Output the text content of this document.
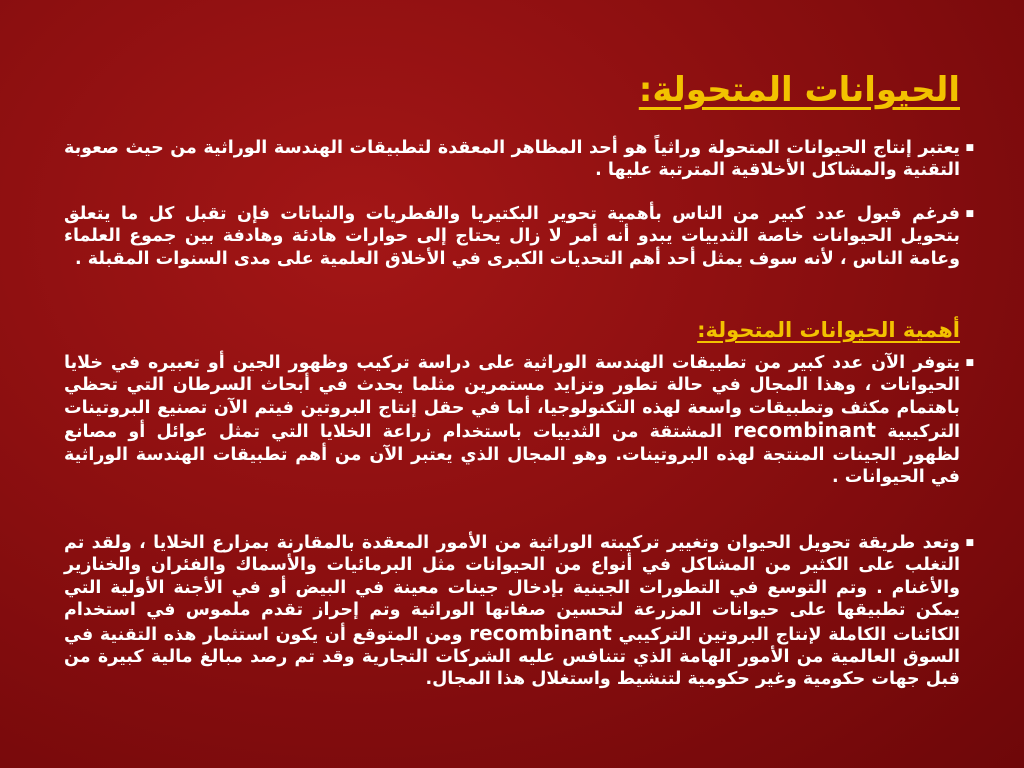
الحيوانات المتحولة:
■

يعتبر إنتاج الحيوانات المتحولة وراثياً هو أحد المظاهر المعقدة لتطبيقات الهندسة الوراثية من حيث صعوبة التقنية والمشاكل الأخلاقية المترتبة عليها .

■

فرغم قبول عدد كبير من الناس بأهمية تحوير البكتيريا والفطريات والنباتات فإن تقبل كل ما يتعلق بتحويل الحيوانات خاصة الثدييات يبدو أنه أمر لا زال يحتاج إلى حوارات هادئة وهادفة بين جموع العلماء وعامة الناس ، لأنه سوف يمثل أحد أهم التحديات الكبرى في الأخلاق العلمية على مدى السنوات المقبلة .

أهمية الحيوانات المتحولة:
■

يتوفر الآن عدد كبير من تطبيقات الهندسة الوراثية على دراسة تركيب وظهور الجين أو تعبيره في خلايا الحيوانات ، وهذا المجال في حالة تطور وتزايد مستمرين مثلما يحدث في أبحاث السرطان التي تحظي باهتمام مكثف وتطبيقات واسعة لهذه التكنولوجيا، أما في حقل إنتاج البروتين فيتم الآن تصنيع البروتينات التركيبية recombinant المشتقة من الثدييات باستخدام زراعة الخلايا التي تمثل عوائل أو مصانع لظهور الجينات المنتجة لهذه البروتينات. وهو المجال الذي يعتبر الآن من أهم تطبيقات الهندسة الوراثية في الحيوانات .

■

وتعد طريقة تحويل الحيوان وتغيير تركيبته الوراثية من الأمور المعقدة بالمقارنة بمزارع الخلايا ، ولقد تم التغلب على الكثير من المشاكل في أنواع من الحيوانات مثل البرمائيات والأسماك والفئران والخنازير والأغنام . وتم التوسع في التطورات الجينية بإدخال جينات معينة في البيض أو في الأجنة الأولية التي يمكن تطبيقها على حيوانات المزرعة لتحسين صفاتها الوراثية وتم إحراز تقدم ملموس في استخدام الكائنات الكاملة لإنتاج البروتين التركيبي recombinant ومن المتوقع أن يكون استثمار هذه التقنية في السوق العالمية من الأمور الهامة الذي تتنافس عليه الشركات التجارية وقد تم رصد مبالغ مالية كبيرة من قبل جهات حكومية وغير حكومية لتنشيط واستغلال هذا المجال.
